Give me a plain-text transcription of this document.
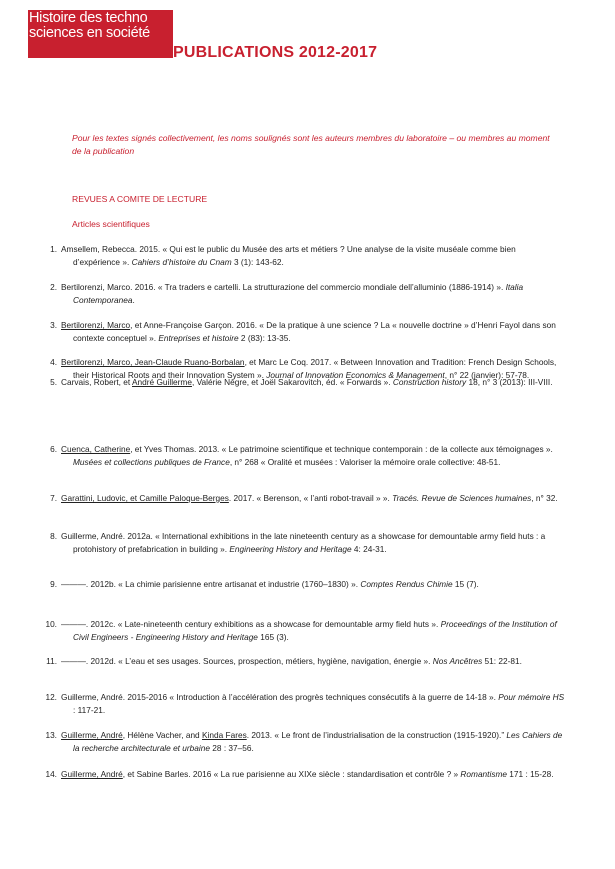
Histoire des techno
sciences en société
PUBLICATIONS 2012-2017
Pour les textes signés collectivement, les noms soulignés sont les auteurs membres du laboratoire – ou membres au moment de la publication
REVUES A COMITE DE LECTURE
Articles scientifiques
1. Amsellem, Rebecca. 2015. « Qui est le public du Musée des arts et métiers ? Une analyse de la visite muséale comme bien d’expérience ». Cahiers d’histoire du Cnam 3 (1): 143-62.
2. Bertilorenzi, Marco. 2016. « Tra traders e cartelli. La strutturazione del commercio mondiale dell’alluminio (1886-1914) ». Italia Contemporanea.
3. Bertilorenzi, Marco, et Anne-Françoise Garçon. 2016. « De la pratique à une science ? La « nouvelle doctrine » d’Henri Fayol dans son contexte conceptuel ». Entreprises et histoire 2 (83): 13-35.
4. Bertilorenzi, Marco, Jean-Claude Ruano-Borbalan, et Marc Le Coq. 2017. « Between Innovation and Tradition: French Design Schools, their Historical Roots and their Innovation System ». Journal of Innovation Economics & Management, n° 22 (janvier): 57-78.
5. Carvais, Robert, et André Guillerme, Valérie Nègre, et Joël Sakarovitch, éd. « Forwards ». Construction history 18, n° 3 (2013): III-VIII.
6. Cuenca, Catherine, et Yves Thomas. 2013. « Le patrimoine scientifique et technique contemporain : de la collecte aux témoignages ». Musées et collections publiques de France, n° 268 « Oralité et musées : Valoriser la mémoire orale collective: 48-51.
7. Garattini, Ludovic, et Camille Paloque-Berges. 2017. « Berenson, « l’anti robot-travail » ». Tracés. Revue de Sciences humaines, n° 32.
8. Guillerme, André. 2012a. « International exhibitions in the late nineteenth century as a showcase for demountable army field huts : a protohistory of prefabrication in building ». Engineering History and Heritage 4: 24-31.
9. ———. 2012b. « La chimie parisienne entre artisanat et industrie (1760–1830) ». Comptes Rendus Chimie 15 (7).
10. ———. 2012c. « Late-nineteenth century exhibitions as a showcase for demountable army field huts ». Proceedings of the Institution of Civil Engineers - Engineering History and Heritage 165 (3).
11. ———. 2012d. « L’eau et ses usages. Sources, prospection, métiers, hygiène, navigation, énergie ». Nos Ancêtres 51: 22-81.
12. Guillerme, André. 2015-2016 « Introduction à l’accélération des progrès techniques consécutifs à la guerre de 14-18 ». Pour mémoire HS : 117-21.
13. Guillerme, André, Hélène Vacher, and Kinda Fares. 2013. « Le front de l’industrialisation de la construction (1915-1920).” Les Cahiers de la recherche architecturale et urbaine 28 : 37–56.
14. Guillerme, André, et Sabine Barles. 2016 « La rue parisienne au XIXe siècle : standardisation et contrôle ? » Romantisme 171 : 15-28.
